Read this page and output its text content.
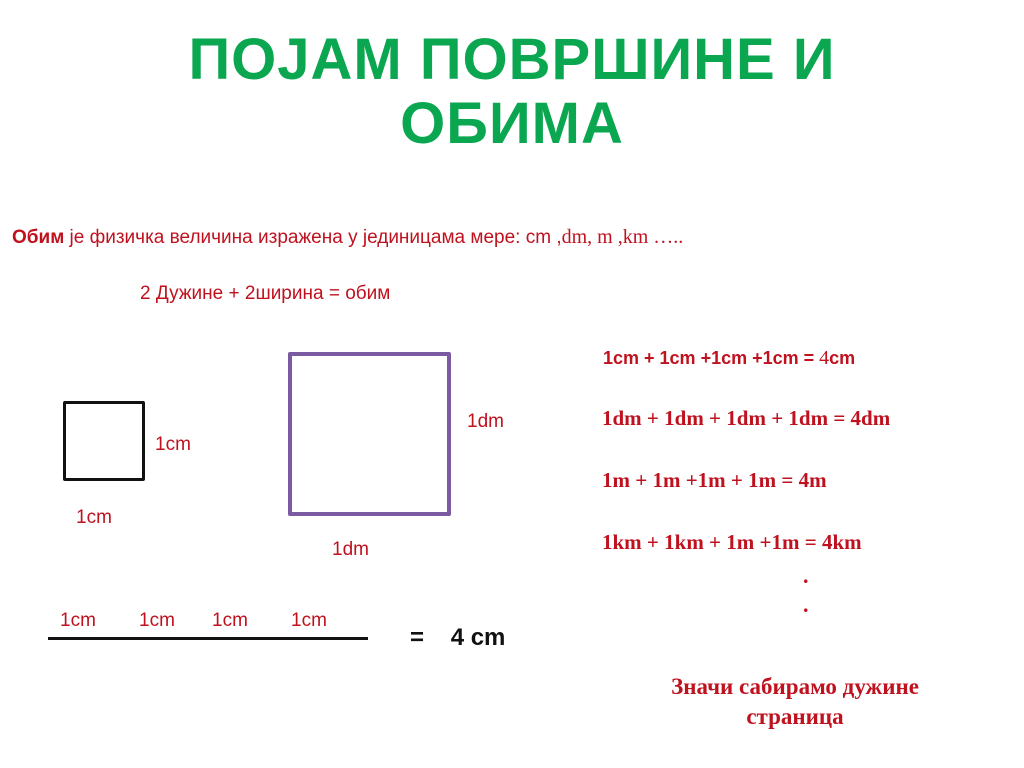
ПОЈАМ ПОВРШИНЕ И
ОБИМА
Обим је физичка величина изражена у јединицама мере: cm ,dm, m ,km …..
2 Дужине + 2ширина = обим
1cm
1cm
1dm
1dm
1cm + 1cm +1cm +1cm = 4cm
1dm + 1dm + 1dm + 1dm = 4dm
1m + 1m +1m + 1m = 4m
1km + 1km + 1m +1m = 4km
.
.
1cm 1cm 1cm 1cm
=    4 cm
Значи сабирамо дужине
страница
